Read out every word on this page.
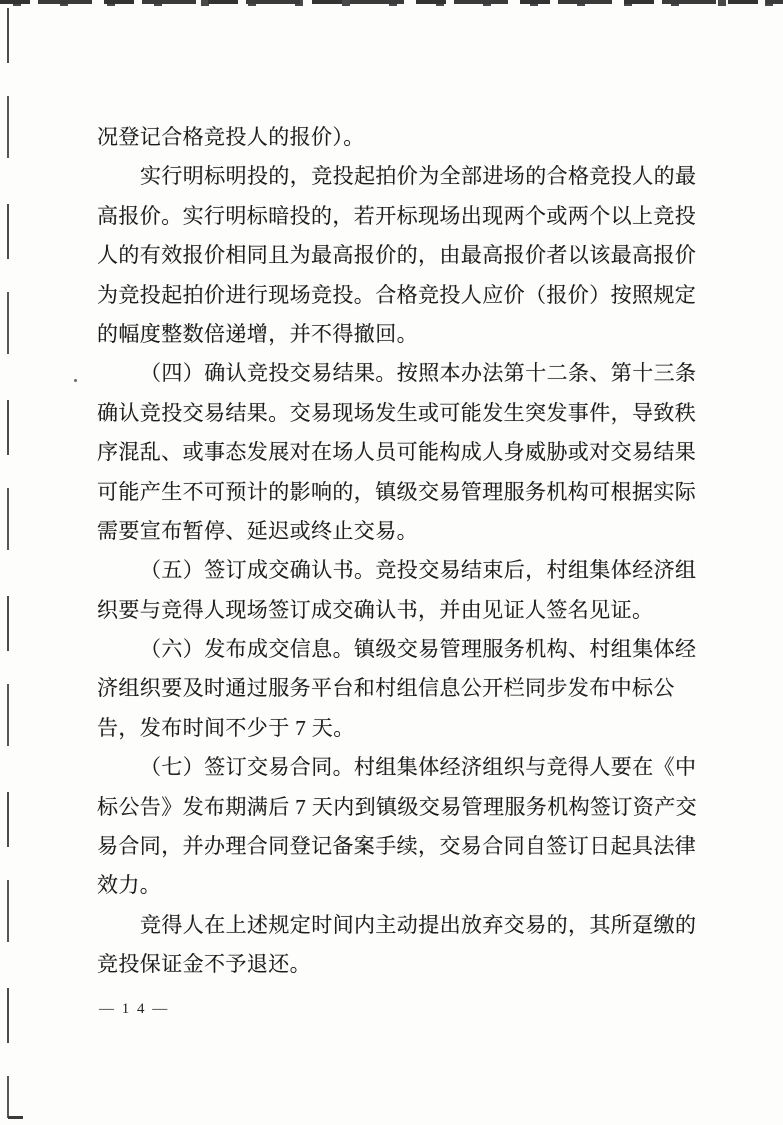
况登记合格竞投人的报价）。
实行明标明投的，竞投起拍价为全部进场的合格竞投人的最
高报价。实行明标暗投的，若开标现场出现两个或两个以上竞投
人的有效报价相同且为最高报价的，由最高报价者以该最高报价
为竞投起拍价进行现场竞投。合格竞投人应价（报价）按照规定
的幅度整数倍递增，并不得撤回。
（四）确认竞投交易结果。按照本办法第十二条、第十三条
确认竞投交易结果。交易现场发生或可能发生突发事件，导致秩
序混乱、或事态发展对在场人员可能构成人身威胁或对交易结果
可能产生不可预计的影响的，镇级交易管理服务机构可根据实际
需要宣布暂停、延迟或终止交易。
（五）签订成交确认书。竞投交易结束后，村组集体经济组
织要与竞得人现场签订成交确认书，并由见证人签名见证。
（六）发布成交信息。镇级交易管理服务机构、村组集体经
济组织要及时通过服务平台和村组信息公开栏同步发布中标公
告，发布时间不少于 7 天。
（七）签订交易合同。村组集体经济组织与竞得人要在《中
标公告》发布期满后 7 天内到镇级交易管理服务机构签订资产交
易合同，并办理合同登记备案手续，交易合同自签订日起具法律
效力。
竞得人在上述规定时间内主动提出放弃交易的，其所趸缴的
竞投保证金不予退还。
— 1 4 —
